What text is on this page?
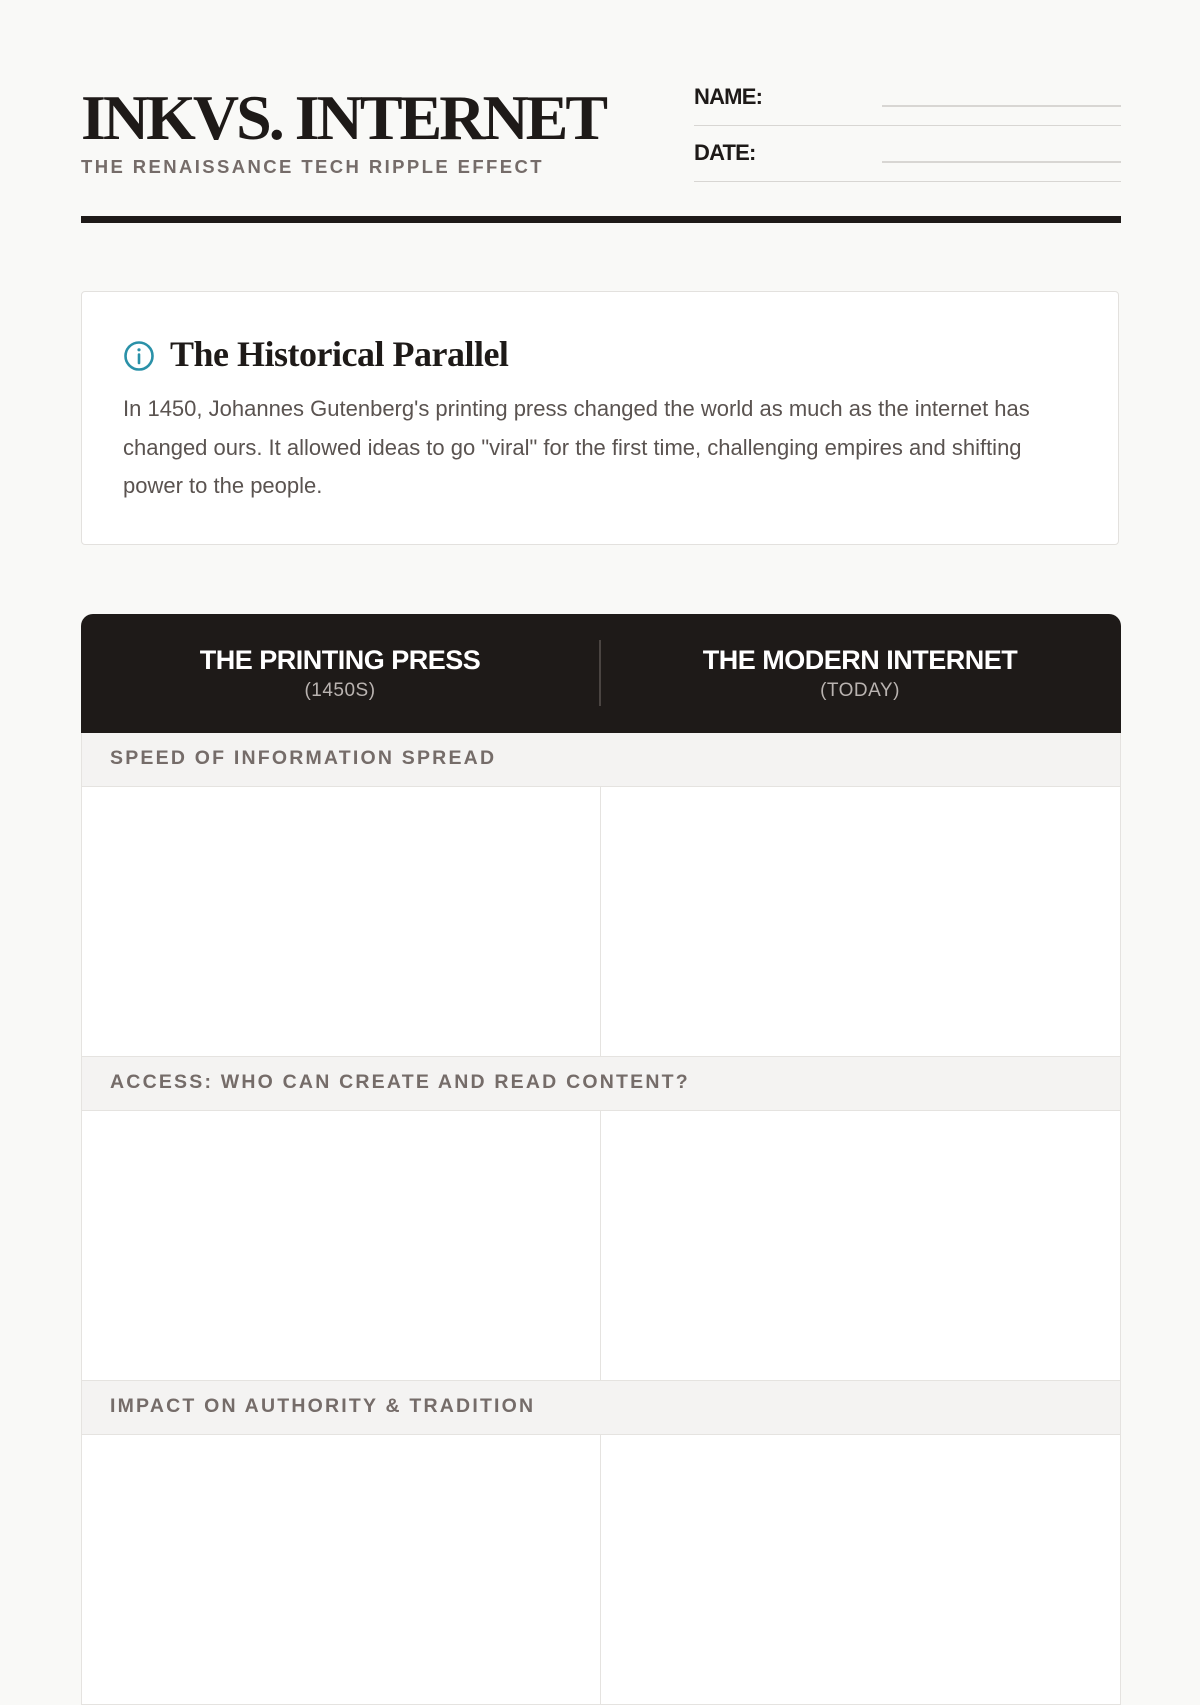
INKVS. INTERNET
THE RENAISSANCE TECH RIPPLE EFFECT
NAME:
DATE:
The Historical Parallel

In 1450, Johannes Gutenberg's printing press changed the world as much as the internet has changed ours. It allowed ideas to go "viral" for the first time, challenging empires and shifting power to the people.

THE PRINTING PRESS
(1450S)
THE MODERN INTERNET
(TODAY)
SPEED OF INFORMATION SPREAD
ACCESS: WHO CAN CREATE AND READ CONTENT?
IMPACT ON AUTHORITY & TRADITION
